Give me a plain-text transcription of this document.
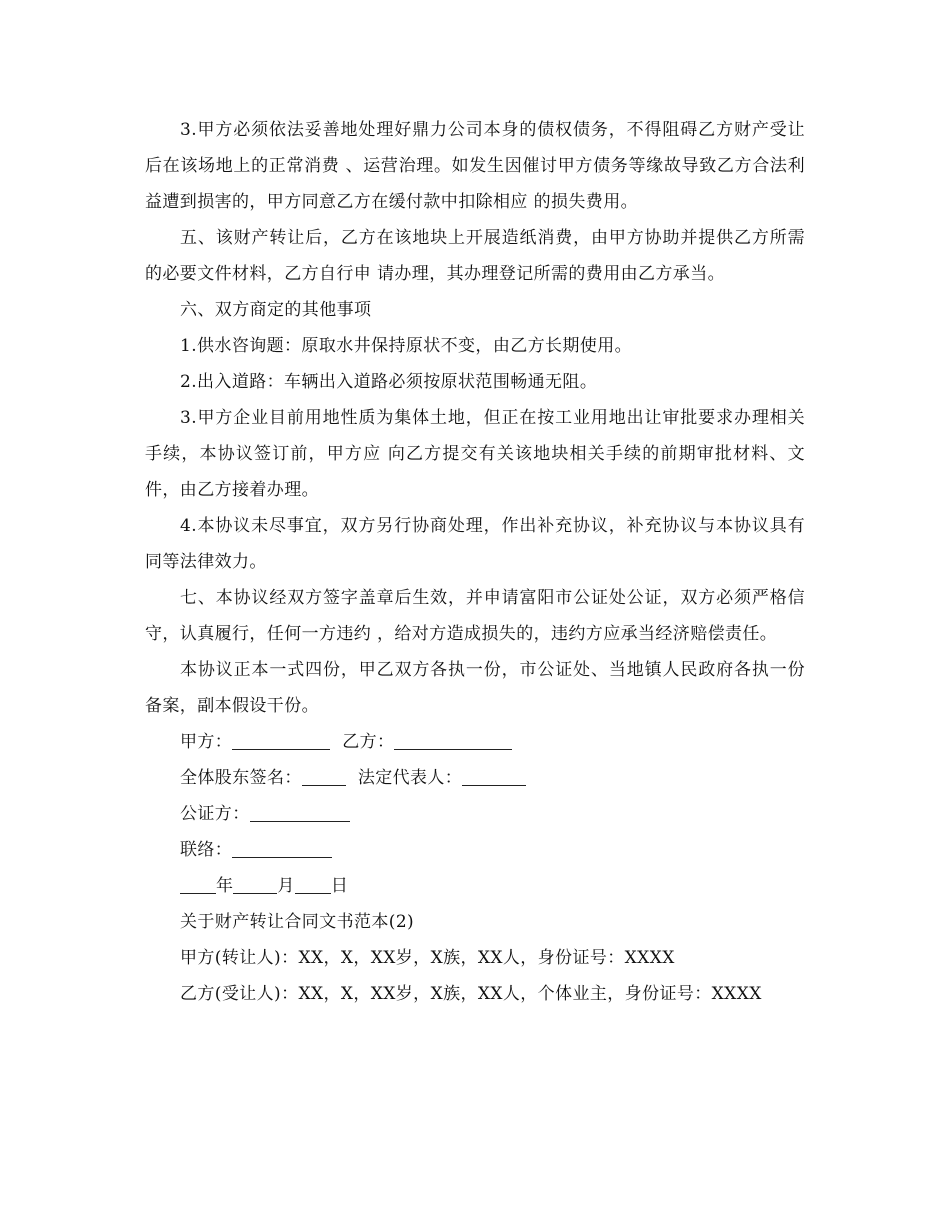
3.甲方必须依法妥善地处理好鼎力公司本身的债权债务，不得阻碍乙方财产受让后在该场地上的正常消费 、运营治理。如发生因催讨甲方债务等缘故导致乙方合法利益遭到损害的，甲方同意乙方在缓付款中扣除相应 的损失费用。

五、该财产转让后，乙方在该地块上开展造纸消费，由甲方协助并提供乙方所需的必要文件材料，乙方自行申 请办理，其办理登记所需的费用由乙方承当。

六、双方商定的其他事项

1.供水咨询题：原取水井保持原状不变，由乙方长期使用。

2.出入道路：车辆出入道路必须按原状范围畅通无阻。

3.甲方企业目前用地性质为集体土地，但正在按工业用地出让审批要求办理相关手续，本协议签订前，甲方应 向乙方提交有关该地块相关手续的前期审批材料、文件，由乙方接着办理。

4.本协议未尽事宜，双方另行协商处理，作出补充协议，补充协议与本协议具有同等法律效力。

七、本协议经双方签字盖章后生效，并申请富阳市公证处公证，双方必须严格信守，认真履行，任何一方违约 ，给对方造成损失的，违约方应承当经济赔偿责任。

本协议正本一式四份，甲乙双方各执一份，市公证处、当地镇人民政府各执一份备案，副本假设干份。

甲方：	乙方：

全体股东签名：	法定代表人：

公证方：

联络：

年	月 日

关于财产转让合同文书范本(2)

甲方(转让人)：XX，X，XX岁，X族，XX人，身份证号：XXXX

乙方(受让人)：XX，X，XX岁，X族，XX人，个体业主，身份证号：XXXX
